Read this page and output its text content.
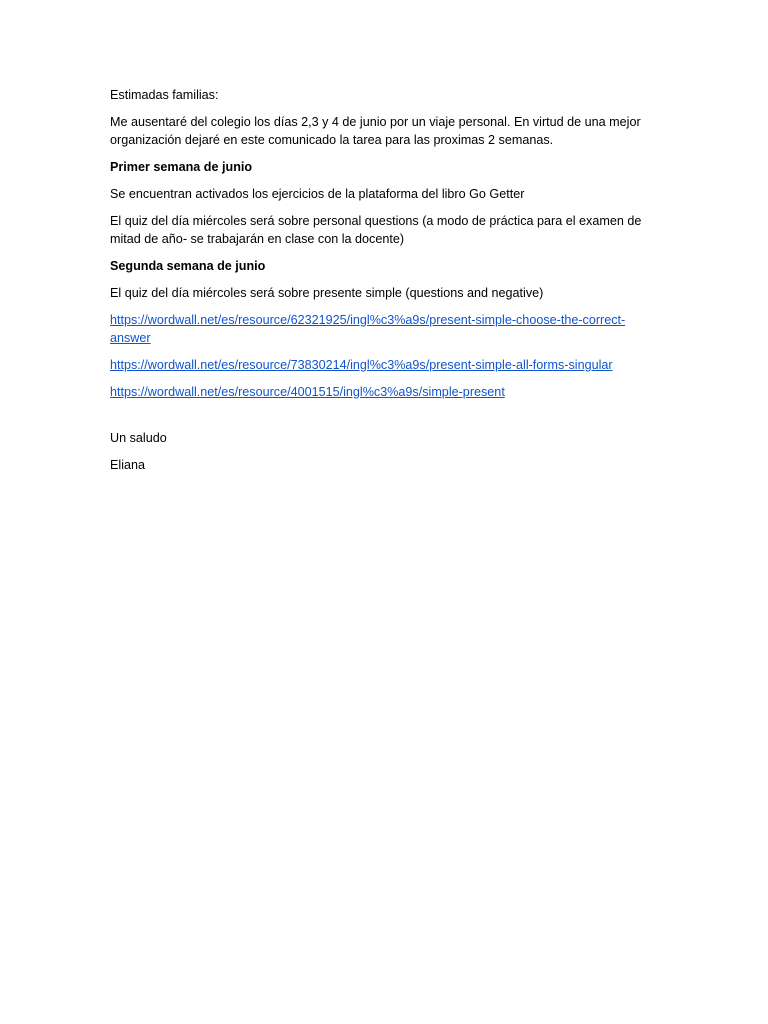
Estimadas familias:

Me ausentaré del colegio los días 2,3 y 4 de junio por un viaje personal. En virtud de una mejor
organización dejaré en este comunicado la tarea para las proximas 2 semanas.

Primer semana de junio

Se encuentran activados los ejercicios de la plataforma del libro Go Getter

El quiz del día miércoles será sobre personal questions (a modo de práctica para el examen de
mitad de año- se trabajarán en clase con la docente)

Segunda semana de junio

El quiz del día miércoles será sobre presente simple (questions and negative)

https://wordwall.net/es/resource/62321925/ingl%c3%a9s/present-simple-choose-the-correct-
answer
https://wordwall.net/es/resource/73830214/ingl%c3%a9s/present-simple-all-forms-singular
https://wordwall.net/es/resource/4001515/ingl%c3%a9s/simple-present

Un saludo

Eliana
